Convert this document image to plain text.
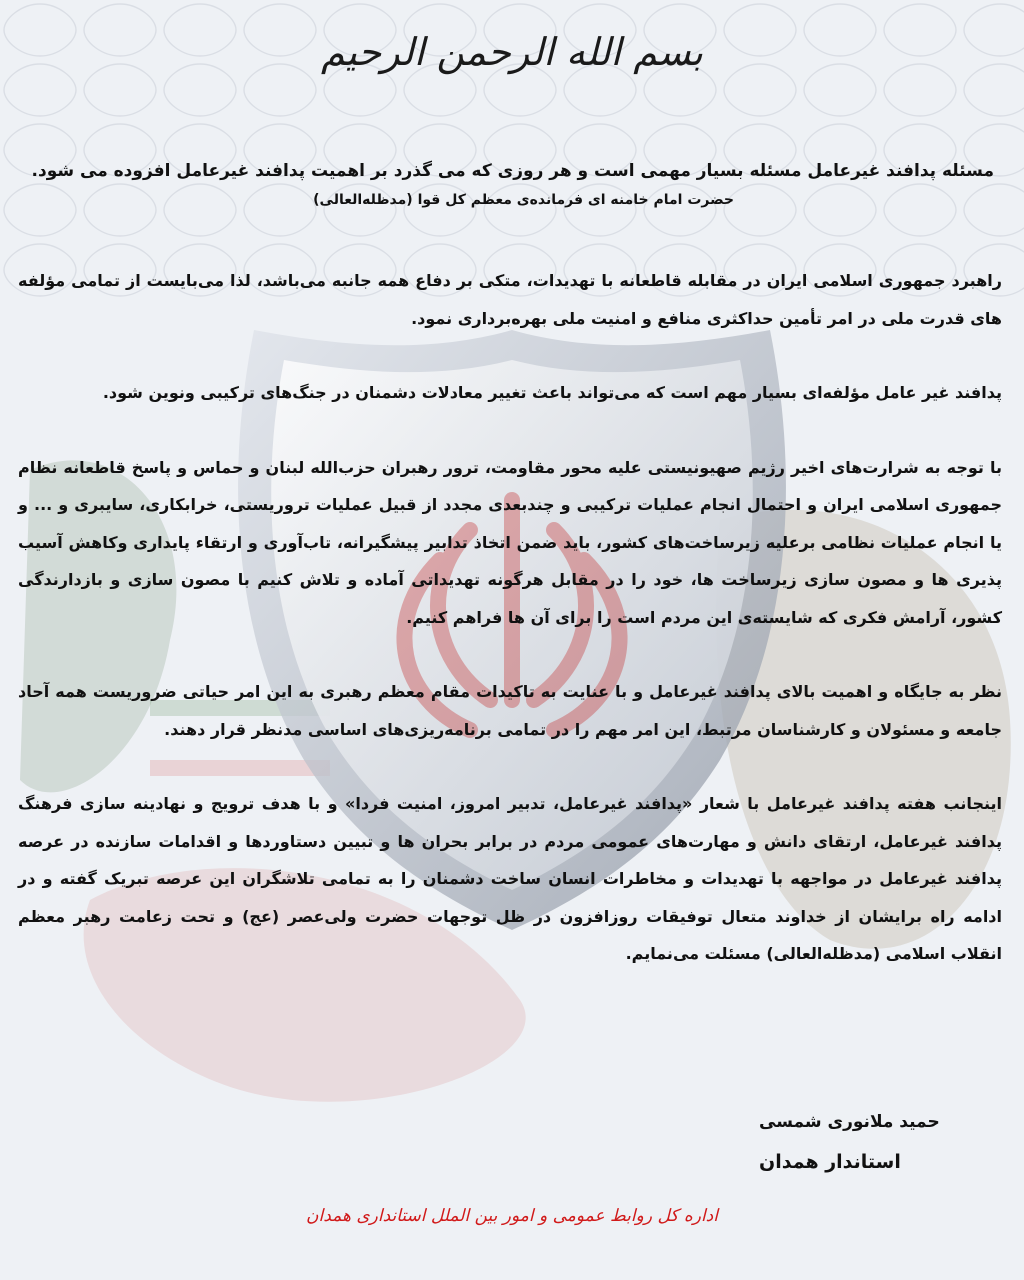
بسم الله الرحمن الرحیم
مسئله پدافند غیرعامل مسئله بسیار مهمی است و هر روزی که می گذرد بر اهمیت پدافند غیرعامل افزوده می شود.
حضرت امام خامنه ای فرمانده‌ی معظم کل قوا (مدظله‌العالی)

راهبرد جمهوری اسلامی ایران در مقابله قاطعانه با تهدیدات، متکی بر دفاع همه جانبه می‌باشد، لذا می‌بایست از تمامی مؤلفه های قدرت ملی در امر تأمین حداکثری منافع و امنیت ملی بهره‌برداری نمود.

پدافند غیر عامل مؤلفه‌ای بسیار مهم است که می‌تواند باعث تغییر معادلات دشمنان در جنگ‌های ترکیبی ونوین شود.

با توجه به شرارت‌های اخیر رژیم صهیونیستی علیه محور مقاومت، ترور رهبران حزب‌الله لبنان و حماس و پاسخ قاطعانه نظام جمهوری اسلامی ایران و احتمال انجام عملیات ترکیبی و چندبعدی مجدد از قبیل عملیات تروریستی، خرابکاری، سایبری و ... و یا انجام عملیات نظامی برعلیه زیرساخت‌های کشور، باید ضمن اتخاذ تدابیر پیشگیرانه، تاب‌آوری و ارتقاء پایداری وکاهش آسیب پذیری ها و مصون سازی زیرساخت ها، خود را در مقابل هرگونه تهدیداتی آماده و تلاش کنیم با مصون سازی و بازدارندگی کشور، آرامش فکری که شایسته‌ی این مردم است را برای آن ها فراهم کنیم.

نظر به جایگاه و اهمیت بالای پدافند غیرعامل و با عنایت به تاکیدات مقام معظم رهبری به این امر حیاتی ضروریست همه آحاد جامعه و مسئولان و کارشناسان مرتبط، این امر مهم را در تمامی برنامه‌ریزی‌های اساسی مدنظر قرار دهند.

اینجانب هفته پدافند غیرعامل با شعار «پدافند غیرعامل، تدبیر امروز، امنیت فردا» و با هدف ترویج و نهادینه سازی فرهنگ پدافند غیرعامل، ارتقای دانش و مهارت‌های عمومی مردم در برابر بحران ها و تبیین دستاوردها و اقدامات سازنده در عرصه پدافند غیرعامل در مواجهه با تهدیدات و مخاطرات انسان ساخت دشمنان را به تمامی تلاشگران این عرصه تبریک گفته و در ادامه راه برایشان از خداوند متعال توفیقات روزافزون در ظل توجهات حضرت ولی‌عصر (عج) و تحت زعامت رهبر معظم انقلاب اسلامی (مدظله‌العالی) مسئلت می‌نمایم.

حمید ملانوری شمسی
استاندار همدان
اداره کل روابط عمومی و امور بین الملل استانداری همدان
